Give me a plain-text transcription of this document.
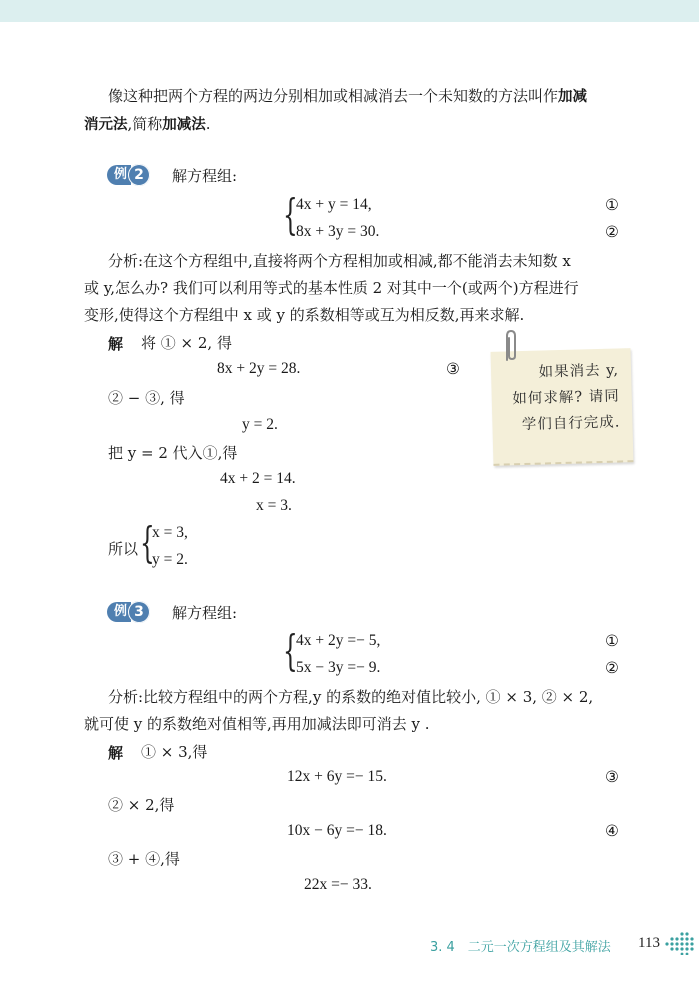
像这种把两个方程的两边分别相加或相减消去一个未知数的方法叫作加减
消元法,简称加减法.
例 2	解方程组:
{
4x + y = 14,	①
8x + 3y = 30.	②
分析:在这个方程组中,直接将两个方程相加或相减,都不能消去未知数 x
或 y,怎么办? 我们可以利用等式的基本性质 2 对其中一个(或两个)方程进行
变形,使得这个方程组中 x 或 y 的系数相等或互为相反数,再来求解.
解 将 ① × 2, 得
8x + 2y = 28.	③
② − ③, 得
y = 2.
把 y = 2 代入①,得
4x + 2 = 14.
x = 3.
所以 {
x = 3,
y = 2.
如果消去 y,
如何求解? 请同
学们自行完成.
例 3	解方程组:
{
4x + 2y =− 5,	①
5x − 3y =− 9.	②
分析:比较方程组中的两个方程,y 的系数的绝对值比较小, ① × 3, ② × 2,
就可使 y 的系数绝对值相等,再用加减法即可消去 y .
解 ① × 3,得
12x + 6y =− 15.	③
② × 2,得
10x − 6y =− 18.	④
③ + ④,得
22x =− 33.
3. 4　二元一次方程组及其解法 113
